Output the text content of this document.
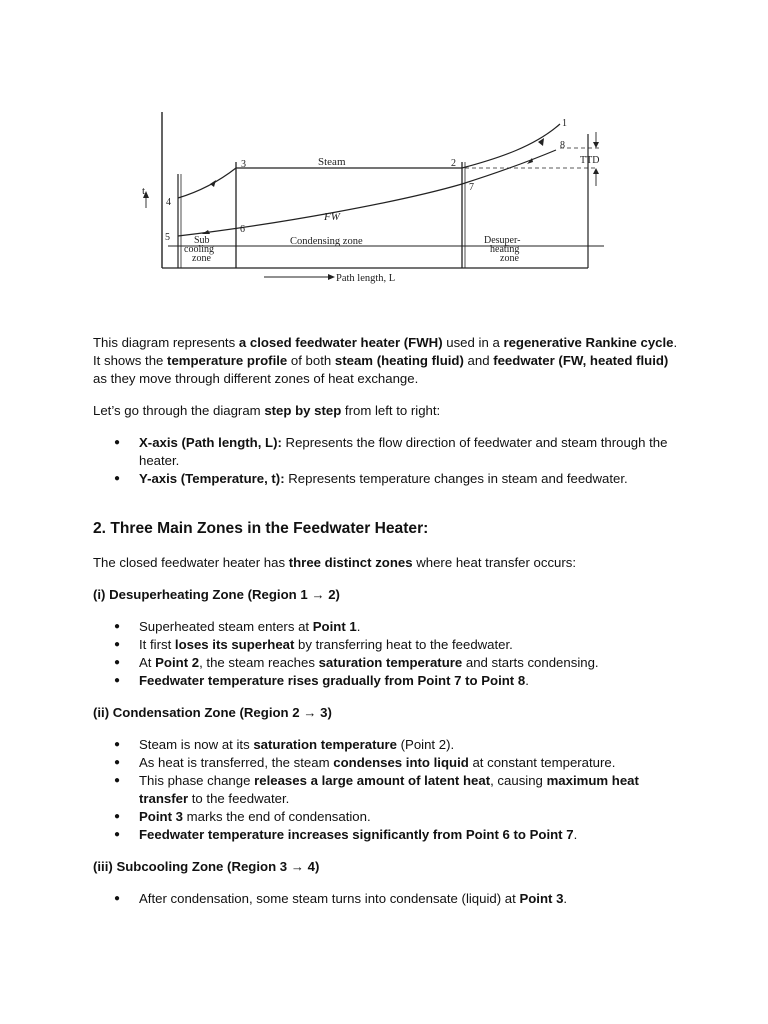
Steam
FW
Condensing zone
Sub
cooling
zone
Desuper-
heating
zone
Path length, L
TTD
t
1
2
3
4
5
6
7
8

This diagram represents a closed feedwater heater (FWH) used in a regenerative Rankine cycle. It shows the temperature profile of both steam (heating fluid) and feedwater (FW, heated fluid) as they move through different zones of heat exchange.

Let’s go through the diagram step by step from left to right:

● X-axis (Path length, L): Represents the flow direction of feedwater and steam through the heater.
● Y-axis (Temperature, t): Represents temperature changes in steam and feedwater.
2. Three Main Zones in the Feedwater Heater:

The closed feedwater heater has three distinct zones where heat transfer occurs:

(i) Desuperheating Zone (Region 1 → 2)

● Superheated steam enters at Point 1.
● It first loses its superheat by transferring heat to the feedwater.
● At Point 2, the steam reaches saturation temperature and starts condensing.
● Feedwater temperature rises gradually from Point 7 to Point 8.

(ii) Condensation Zone (Region 2 → 3)

● Steam is now at its saturation temperature (Point 2).
● As heat is transferred, the steam condenses into liquid at constant temperature.
● This phase change releases a large amount of latent heat, causing maximum heat transfer to the feedwater.
● Point 3 marks the end of condensation.
● Feedwater temperature increases significantly from Point 6 to Point 7.

(iii) Subcooling Zone (Region 3 → 4)

● After condensation, some steam turns into condensate (liquid) at Point 3.
